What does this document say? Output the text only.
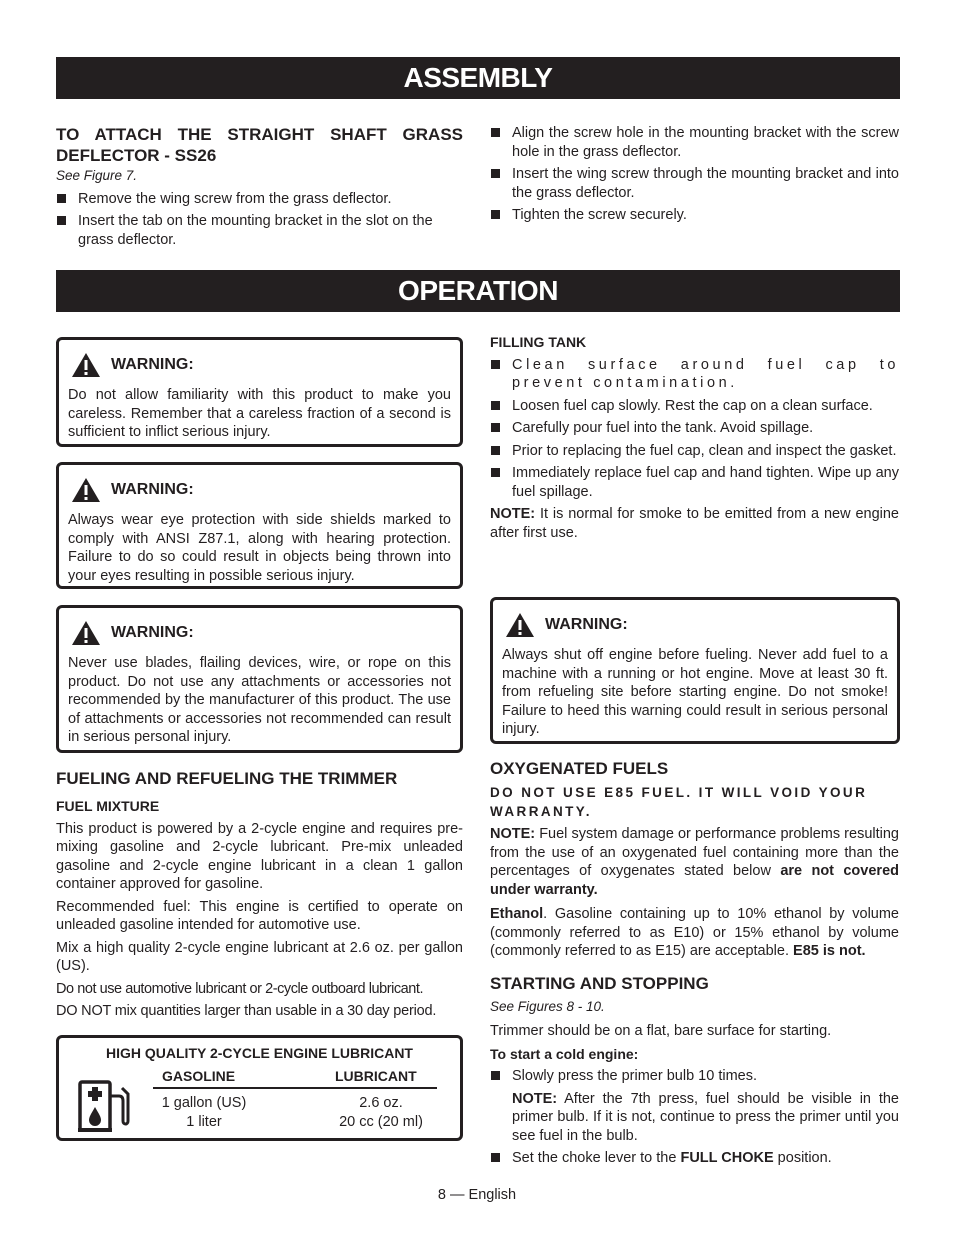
ASSEMBLY

TO ATTACH THE STRAIGHT SHAFT GRASS DEFLECTOR - SS26

See Figure 7.

Remove the wing screw from the grass deflector.
Insert the tab on the mounting bracket in the slot on the grass deflector.
Align the screw hole in the mounting bracket with the screw hole in the grass deflector.
Insert the wing screw through the mounting bracket and into the grass deflector.
Tighten the screw securely.
OPERATION
WARNING:
Do not allow familiarity with this product to make you careless. Remember that a careless fraction of a second is sufficient to inflict serious injury.
WARNING:
Always wear eye protection with side shields marked to comply with ANSI Z87.1, along with hearing protection. Failure to do so could result in objects being thrown into your eyes resulting in possible serious injury.
WARNING:
Never use blades, flailing devices, wire, or rope on this product. Do not use any attachments or accessories not recommended by the manufacturer of this product. The use of attachments or accessories not recommended can result in serious personal injury.

FUELING AND REFUELING THE TRIMMER

FUEL MIXTURE

This product is powered by a 2-cycle engine and requires pre-mixing gasoline and 2-cycle lubricant. Pre-mix unleaded gasoline and 2-cycle engine lubricant in a clean 1 gallon container approved for gasoline.

Recommended fuel: This engine is certified to operate on unleaded gasoline intended for automotive use.

Mix a high quality 2-cycle engine lubricant at 2.6 oz. per gallon (US).

Do not use automotive lubricant or 2-cycle outboard lubricant.

DO NOT mix quantities larger than usable in a 30 day period.

HIGH QUALITY 2-CYCLE ENGINE LUBRICANT
GASOLINE	LUBRICANT
1 gallon (US)
1 liter
2.6 oz.
20 cc (20 ml)

FILLING TANK

Clean surface around fuel cap to prevent contamination.
Loosen fuel cap slowly. Rest the cap on a clean surface.
Carefully pour fuel into the tank. Avoid spillage.
Prior to replacing the fuel cap, clean and inspect the gasket.
Immediately replace fuel cap and hand tighten. Wipe up any fuel spillage.

NOTE: It is normal for smoke to be emitted from a new engine after first use.

WARNING:
Always shut off engine before fueling. Never add fuel to a machine with a running or hot engine. Move at least 30 ft. from refueling site before starting engine. Do not smoke! Failure to heed this warning could result in serious personal injury.

OXYGENATED FUELS

DO NOT USE E85 FUEL. IT WILL VOID YOUR WARRANTY.

NOTE: Fuel system damage or performance problems resulting from the use of an oxygenated fuel containing more than the percentages of oxygenates stated below are not covered under warranty.

Ethanol. Gasoline containing up to 10% ethanol by volume (commonly referred to as E10) or 15% ethanol by volume (commonly referred to as E15) are acceptable. E85 is not.

STARTING AND STOPPING

See Figures 8 - 10.

Trimmer should be on a flat, bare surface for starting.

To start a cold engine:

Slowly press the primer bulb 10 times.

NOTE: After the 7th press, fuel should be visible in the primer bulb. If it is not, continue to press the primer until you see fuel in the bulb.

Set the choke lever to the FULL CHOKE position.
8 — English
